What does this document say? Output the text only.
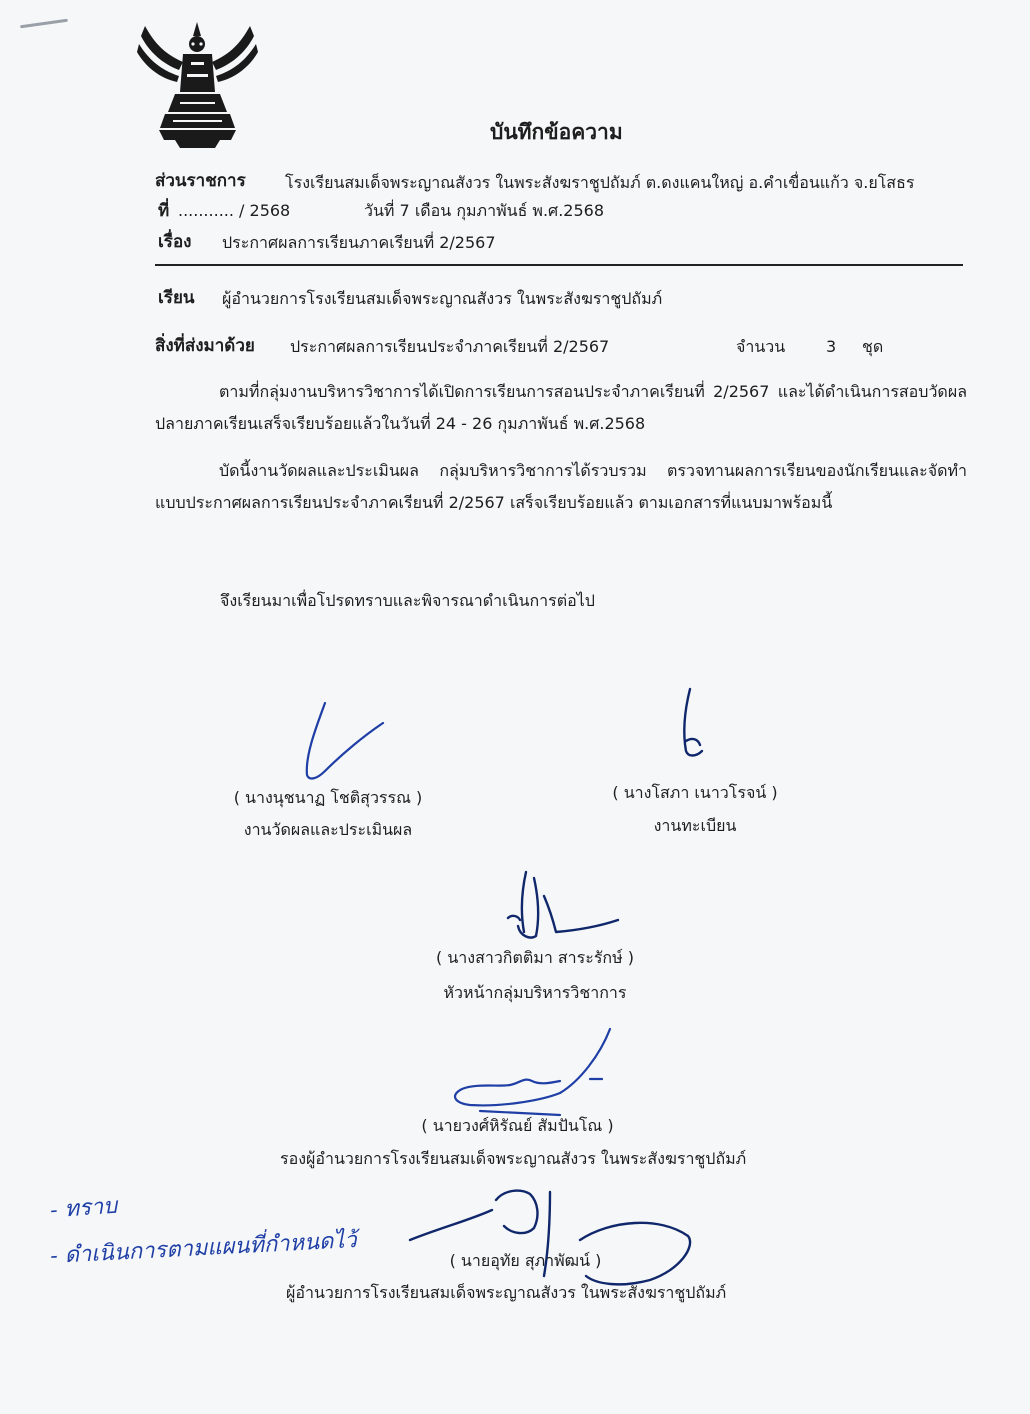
บันทึกข้อความ
ส่วนราชการ โรงเรียนสมเด็จพระญาณสังวร ในพระสังฆราชูปถัมภ์ ต.ดงแคนใหญ่ อ.คำเขื่อนแก้ว จ.ยโสธร
ที่ ........... / 2568	วันที่ 7 เดือน กุมภาพันธ์ พ.ศ.2568
เรื่อง ประกาศผลการเรียนภาคเรียนที่ 2/2567
เรียน ผู้อำนวยการโรงเรียนสมเด็จพระญาณสังวร ในพระสังฆราชูปถัมภ์
สิ่งที่ส่งมาด้วย ประกาศผลการเรียนประจำภาคเรียนที่ 2/2567	จำนวน	3 ชุด
ตามที่กลุ่มงานบริหารวิชาการได้เปิดการเรียนการสอนประจำภาคเรียนที่ 2/2567 และได้ดำเนินการสอบวัดผลปลายภาคเรียนเสร็จเรียบร้อยแล้วในวันที่ 24 - 26 กุมภาพันธ์ พ.ศ.2568
บัดนี้งานวัดผลและประเมินผล กลุ่มบริหารวิชาการได้รวบรวม ตรวจทานผลการเรียนของนักเรียนและจัดทำแบบประกาศผลการเรียนประจำภาคเรียนที่ 2/2567 เสร็จเรียบร้อยแล้ว ตามเอกสารที่แนบมาพร้อมนี้
จึงเรียนมาเพื่อโปรดทราบและพิจารณาดำเนินการต่อไป
( นางนุชนาฏ โชติสุวรรณ )
งานวัดผลและประเมินผล
( นางโสภา เนาวโรจน์ )
งานทะเบียน
( นางสาวกิตติมา สาระรักษ์ )
หัวหน้ากลุ่มบริหารวิชาการ
( นายวงศ์หิรัณย์ สัมปันโณ )
รองผู้อำนวยการโรงเรียนสมเด็จพระญาณสังวร ในพระสังฆราชูปถัมภ์
- ทราบ
- ดำเนินการตามแผนที่กำหนดไว้	( นายอุทัย สุภาพัฒน์ )
ผู้อำนวยการโรงเรียนสมเด็จพระญาณสังวร ในพระสังฆราชูปถัมภ์
